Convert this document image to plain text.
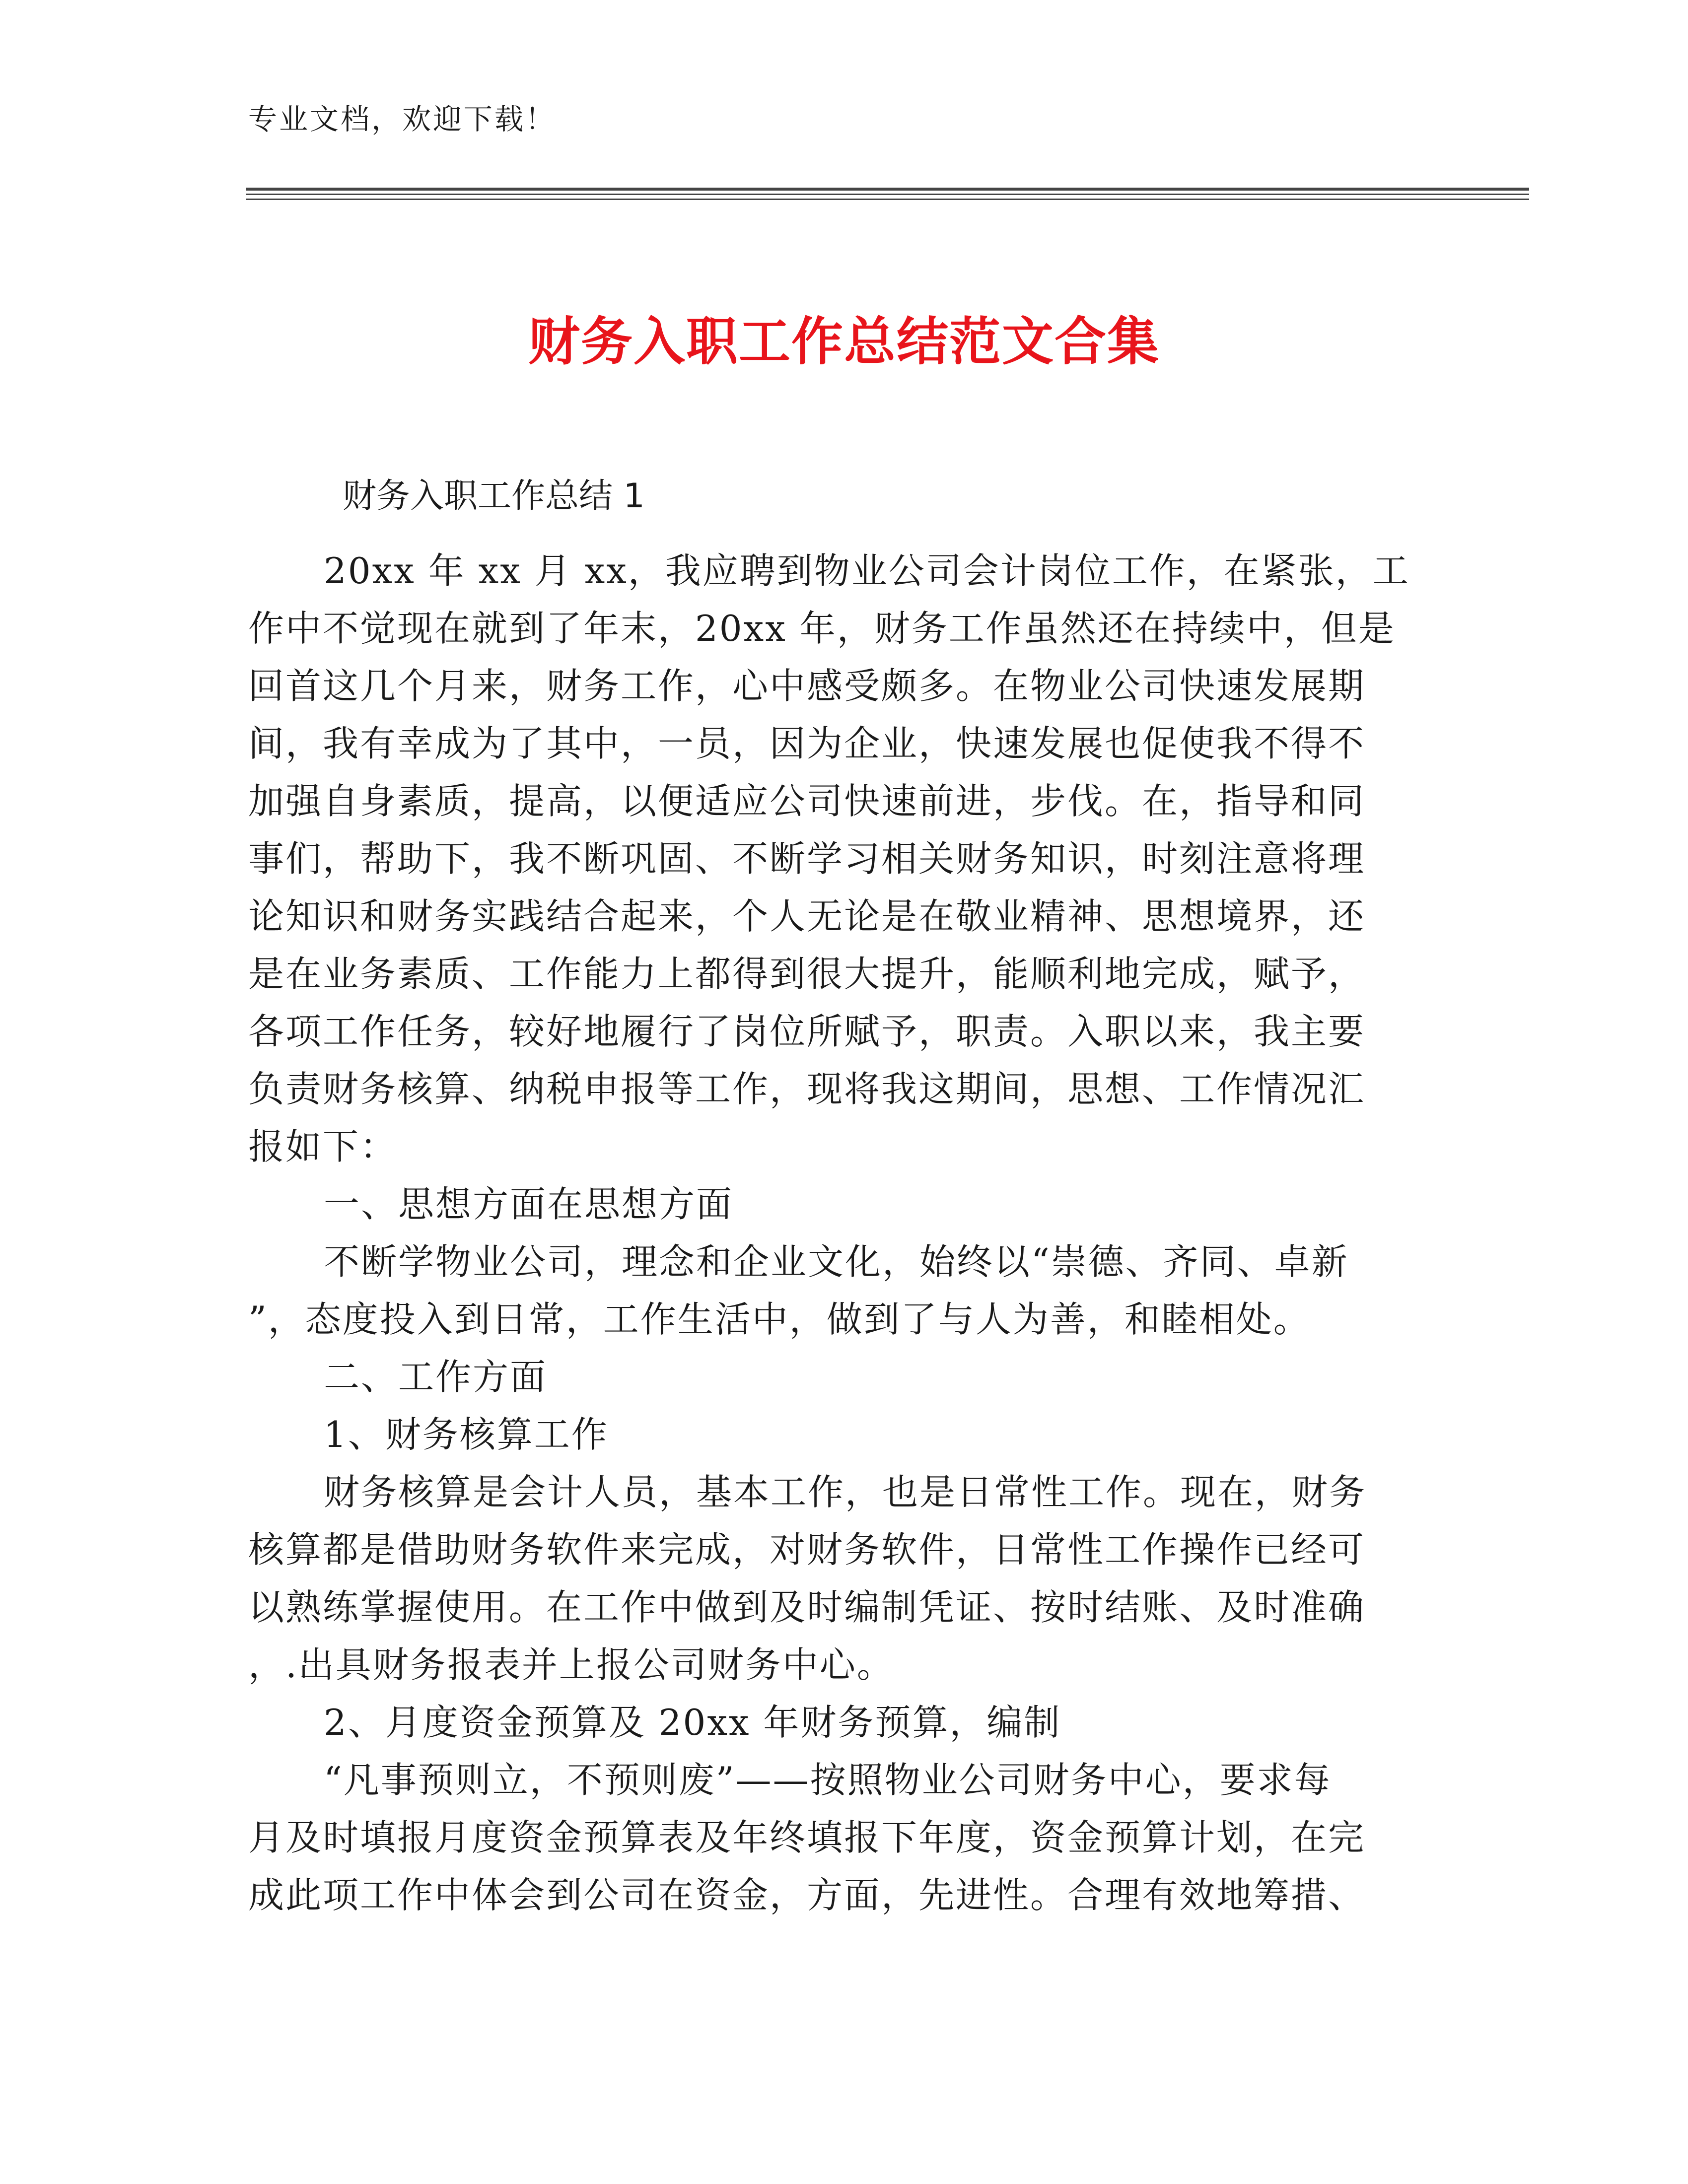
专业文档，欢迎下载！
财务入职工作总结范文合集
财务入职工作总结 1
20xx 年 xx 月 xx，我应聘到物业公司会计岗位工作，在紧张，工
作中不觉现在就到了年末，20xx 年，财务工作虽然还在持续中，但是
回首这几个月来，财务工作，心中感受颇多。在物业公司快速发展期
间，我有幸成为了其中，一员，因为企业，快速发展也促使我不得不
加强自身素质，提高，以便适应公司快速前进，步伐。在，指导和同
事们，帮助下，我不断巩固、不断学习相关财务知识，时刻注意将理
论知识和财务实践结合起来，个人无论是在敬业精神、思想境界，还
是在业务素质、工作能力上都得到很大提升，能顺利地完成，赋予，
各项工作任务，较好地履行了岗位所赋予，职责。入职以来，我主要
负责财务核算、纳税申报等工作，现将我这期间，思想、工作情况汇
报如下：
一、思想方面在思想方面
不断学物业公司，理念和企业文化，始终以“崇德、齐同、卓新
”，态度投入到日常，工作生活中，做到了与人为善，和睦相处。
二、工作方面
1、财务核算工作
财务核算是会计人员，基本工作，也是日常性工作。现在，财务
核算都是借助财务软件来完成，对财务软件，日常性工作操作已经可
以熟练掌握使用。在工作中做到及时编制凭证、按时结账、及时准确
，.出具财务报表并上报公司财务中心。
2、月度资金预算及 20xx 年财务预算，编制
“凡事预则立，不预则废”——按照物业公司财务中心，要求每
月及时填报月度资金预算表及年终填报下年度，资金预算计划，在完
成此项工作中体会到公司在资金，方面，先进性。合理有效地筹措、
